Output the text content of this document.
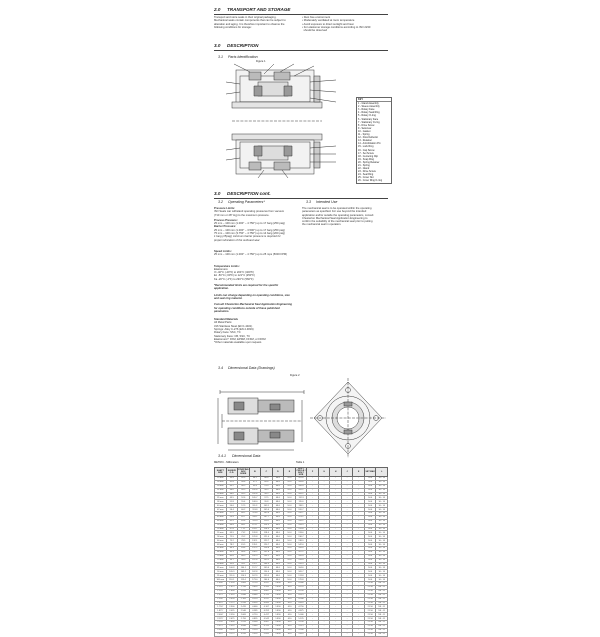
2.0 TRANSPORT AND STORAGE
Transport and store seals in their original packaging.
Mechanical seals contain components that can be subject to
alteration and aging. It is therefore important to observe the
following conditions for storage:
• Dust free environment
• Moderately ventilated at room temperature
• Avoid exposure to direct sunlight and heat
• For elastomer storage conditions according to ISO 2230
should be observed
3.0 DESCRIPTION
3.1 Parts Identification
Figure 1
KEY
1 - Gland Assembly
2 - Sleeve Assembly
3 - Rotary Face
4 - Rotary Seal Ring
5 - Rotary O-ring
6 - Stationary Face
7 - Stationary O-ring
8 - Drive Screw
9 - Setscrew
10 - Gasket
11 - Spring
12 - Flow Deflector
13 - Retainer
14 - Anti-Rotation Pin
15 - Lock Ring
16 - Cap Screw
17 - Set Screw
18 - Centering Clip
19 - Snap Ring
20 - Spring Retainer
21 - Spring
22 - Gland
23 - Drive Screw
24 - Seal Ring
25 - Cover Nut
26 - Cover Ring O-ring
3.0 DESCRIPTION cont.
3.2 Operating Parameters*	3.3 Intended Use
Pressure Limits:
ISO Seals can withstand operating pressures from vacuum
(710 mm or 28" Hg) to the maximum pressure.
Process Pressure:
25 mm – 100 mm (1.000" – 4.750") up to 17 barg (250 psig)
Barrier Pressure:
25 mm – 100 mm (1.000" – 3.500") up to 17 barg (250 psig)
75 mm – 100 mm (3.750" – 4.750") up to 14 barg (200 psig)
1 barg (15psig) minimum barrier pressure is required for
proper lubrication of the outboard seal.
Speed Limits:
25 mm – 100 mm (1.000" – 4.750") up to 25 mps (5000 FPM)
Temperature Limits:
Elastomers:
Vi -40°C (-40°F) to 204°C (400°F)
Ec -50°C (-60°F) to 121°C (250°F)
Ka -20°C (-4°F) to 293°C (560°F)
*Recommended limits are required for the specific
application.
Limits can change depending on operating conditions, size
and seal ring material.
Consult Chesterton Mechanical Seal Application Engineering
for operating conditions outside of these published
parameters.
Standard Materials
All Metal Parts:
316 Stainless Steel (EN 1.4401)
Springs: Alloy C-276 (EN 2.4819)
Rotary Face: SSC, TC
Stationary Face: CB, SSC, TC
Elastomers*: FKM, EPDM, FFKM, or FFKM
*Other materials available upon request.
The mechanical seal is to be operated within the operating
parameters as specified. For use beyond the intended
application and/or outside the operating parameters, consult
Chesterton Mechanical Seal Application Engineering to
confirm the suitability of the mechanical seal prior to putting
the mechanical seal in operation.
3.4 Dimensional Data (Drawings)
Figure 2
3.4.1 Dimensional Data
Table 1
METRIC - Millimeters
SHAFT SIZE	SLEEVE O.D.	STUFFING BOX BORE	B	C	D	E	BOLT CIRCLE / BOLT SIZE	F	G	H	J	K	SET MAX	L
25 mm	39.4	42.3	94.2	86.8	48.0	10.4	101.6	-	-	-	-	-	54.6	16 - 14
28 mm	41.8	44.8	97.2	89.8	48.0	10.4	104.6	-	-	-	-	-	54.6	16 - 14
30 mm	43.2	46.5	99.6	91.4	48.0	10.4	106.4	-	-	-	-	-	54.6	16 - 14
32 mm	46.0	49.5	102.6	94.5	48.0	10.4	109.2	-	-	-	-	-	54.6	16 - 14
33 mm	46.0	49.5	102.6	94.5	48.0	10.4	109.2	-	-	-	-	-	54.6	16 - 14
35 mm	49.5	52.6	105.7	97.5	48.0	10.4	112.3	-	-	-	-	-	54.6	16 - 14
38 mm	51.8	55.4	108.0	99.8	48.0	10.4	115.6	-	-	-	-	-	54.6	16 - 14
40 mm	54.6	57.9	111.3	103.1	48.0	10.4	118.1	-	-	-	-	-	54.6	16 - 14
42 mm	56.4	60.2	113.8	105.4	48.0	10.4	120.7	-	-	-	-	-	54.6	16 - 14
43 mm	57.2	60.2	113.8	105.4	48.0	10.4	120.7	-	-	-	-	-	54.6	16 - 14
45 mm	59.4	62.7	116.1	107.7	48.0	10.4	123.2	-	-	-	-	-	54.6	16 - 14
48 mm	62.5	65.8	119.4	111.0	48.0	10.4	126.2	-	-	-	-	-	54.6	16 - 14
50 mm	64.8	68.1	121.7	113.3	48.0	10.4	128.5	-	-	-	-	-	54.6	16 - 14
53 mm	67.8	71.1	124.7	116.3	48.0	10.4	131.6	-	-	-	-	-	54.6	16 - 14
55 mm	69.9	73.2	126.8	118.4	48.0	10.4	133.6	-	-	-	-	-	54.6	16 - 14
58 mm	72.9	76.2	129.8	121.4	48.0	10.4	136.7	-	-	-	-	-	54.6	16 - 14
60 mm	75.2	78.5	132.1	123.7	48.0	10.4	138.9	-	-	-	-	-	54.6	16 - 14
63 mm	78.2	81.5	135.1	126.7	48.0	10.4	142.0	-	-	-	-	-	54.6	16 - 14
65 mm	80.3	83.6	137.2	128.8	48.0	10.4	144.0	-	-	-	-	-	54.6	16 - 14
68 mm	83.3	86.6	140.2	131.8	48.0	10.4	147.1	-	-	-	-	-	54.6	16 - 14
70 mm	85.6	88.9	142.5	134.1	48.0	10.4	149.4	-	-	-	-	-	54.6	16 - 14
75 mm	90.7	94.0	147.6	139.2	48.0	10.4	154.4	-	-	-	-	-	54.6	16 - 14
80 mm	95.8	99.1	152.7	144.3	48.0	10.4	159.5	-	-	-	-	-	54.6	16 - 14
85 mm	100.8	104.1	157.7	149.4	48.0	10.4	164.6	-	-	-	-	-	54.6	16 - 14
90 mm	105.9	109.2	162.8	154.4	48.0	10.4	169.7	-	-	-	-	-	54.6	16 - 14
95 mm	111.0	114.3	167.9	159.5	48.0	10.4	174.8	-	-	-	-	-	54.6	16 - 14
100 mm	116.1	119.4	173.0	164.6	48.0	10.4	179.8	-	-	-	-	-	54.6	16 - 14
1.000"	1.550	1.665	3.710	3.417	1.890	.410	4.000	-	-	-	-	-	2.150	5/8 - 11
1.125"	1.675	1.790	3.835	3.542	1.890	.410	4.125	-	-	-	-	-	2.150	5/8 - 11
1.250"	1.800	1.915	3.960	3.667	1.890	.410	4.250	-	-	-	-	-	2.150	5/8 - 11
1.375"	1.925	2.040	4.085	3.792	1.890	.410	4.375	-	-	-	-	-	2.150	5/8 - 11
1.500"	2.050	2.165	4.210	3.917	1.890	.410	4.500	-	-	-	-	-	2.150	5/8 - 11
1.625"	2.175	2.290	4.335	4.042	1.890	.410	4.625	-	-	-	-	-	2.150	5/8 - 11
1.750"	2.300	2.415	4.460	4.167	1.890	.410	4.750	-	-	-	-	-	2.150	5/8 - 11
1.875"	2.425	2.540	4.585	4.292	1.890	.410	4.875	-	-	-	-	-	2.150	5/8 - 11
2.000"	2.550	2.665	4.710	4.417	1.890	.410	5.000	-	-	-	-	-	2.150	5/8 - 11
2.125"	2.675	2.790	4.835	4.542	1.890	.410	5.125	-	-	-	-	-	2.150	5/8 - 11
2.250"	2.800	2.915	4.960	4.667	1.890	.410	5.250	-	-	-	-	-	2.150	5/8 - 11
2.375"	2.925	3.040	5.085	4.792	1.890	.410	5.375	-	-	-	-	-	2.150	5/8 - 11
2.500"	3.050	3.165	5.210	4.917	1.890	.410	5.500	-	-	-	-	-	2.150	5/8 - 11
2.625"	3.175	3.290	5.335	5.042	1.890	.410	5.625	-	-	-	-	-	2.150	5/8 - 11
